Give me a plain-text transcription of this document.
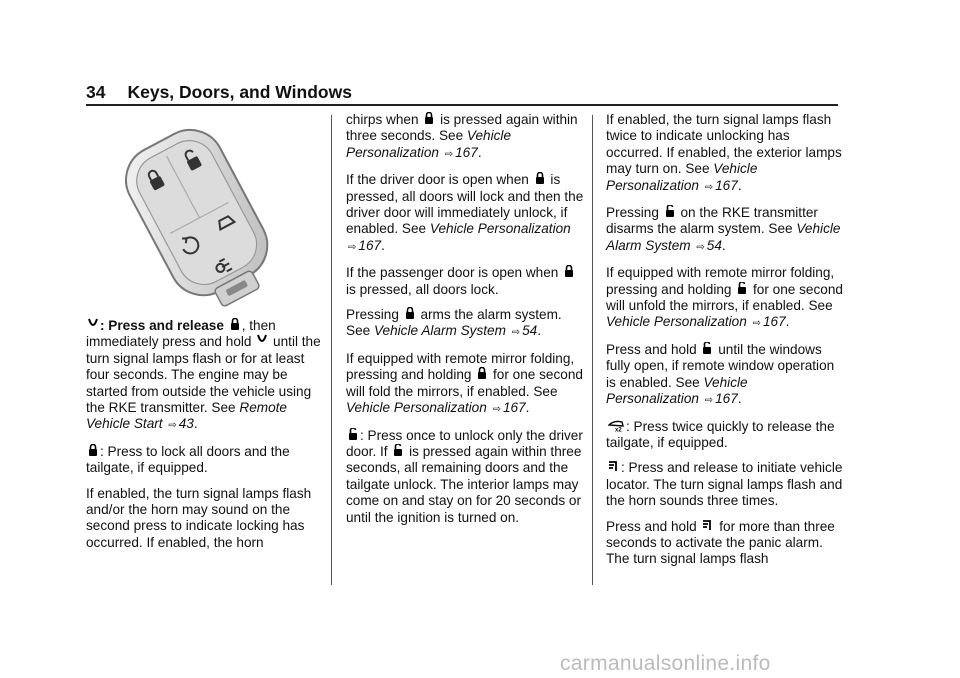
34 Keys, Doors, and Windows

: Press and release
, then immediately press and hold
until the turn signal lamps flash or for at least four seconds. The engine may be started from outside the vehicle using the RKE transmitter. See Remote Vehicle Start ⇨ 43.

: Press to lock all doors and the tailgate, if equipped.

If enabled, the turn signal lamps flash and/or the horn may sound on the second press to indicate locking has occurred. If enabled, the horn

chirps when
is pressed again within three seconds. See Vehicle Personalization ⇨ 167.

If the driver door is open when
is pressed, all doors will lock and then the driver door will immediately unlock, if enabled. See Vehicle Personalization ⇨ 167.

If the passenger door is open when
is pressed, all doors lock.

Pressing
arms the alarm system. See Vehicle Alarm System ⇨ 54.

If equipped with remote mirror folding, pressing and holding
for one second will fold the mirrors, if enabled. See Vehicle Personalization ⇨ 167.

: Press once to unlock only the driver door. If
is pressed again within three seconds, all remaining doors and the tailgate unlock. The interior lamps may come on and stay on for 20 seconds or until the ignition is turned on.

If enabled, the turn signal lamps flash twice to indicate unlocking has occurred. If enabled, the exterior lamps may turn on. See Vehicle Personalization ⇨ 167.

Pressing
on the RKE transmitter disarms the alarm system. See Vehicle Alarm System ⇨ 54.

If equipped with remote mirror folding, pressing and holding
for one second will unfold the mirrors, if enabled. See Vehicle Personalization ⇨ 167.

Press and hold
until the windows fully open, if remote window operation is enabled. See Vehicle Personalization ⇨ 167.

x2 : Press twice quickly to release the tailgate, if equipped.

: Press and release to initiate vehicle locator. The turn signal lamps flash and the horn sounds three times.

Press and hold
for more than three seconds to activate the panic alarm. The turn signal lamps flash

carmanualsonline.info
